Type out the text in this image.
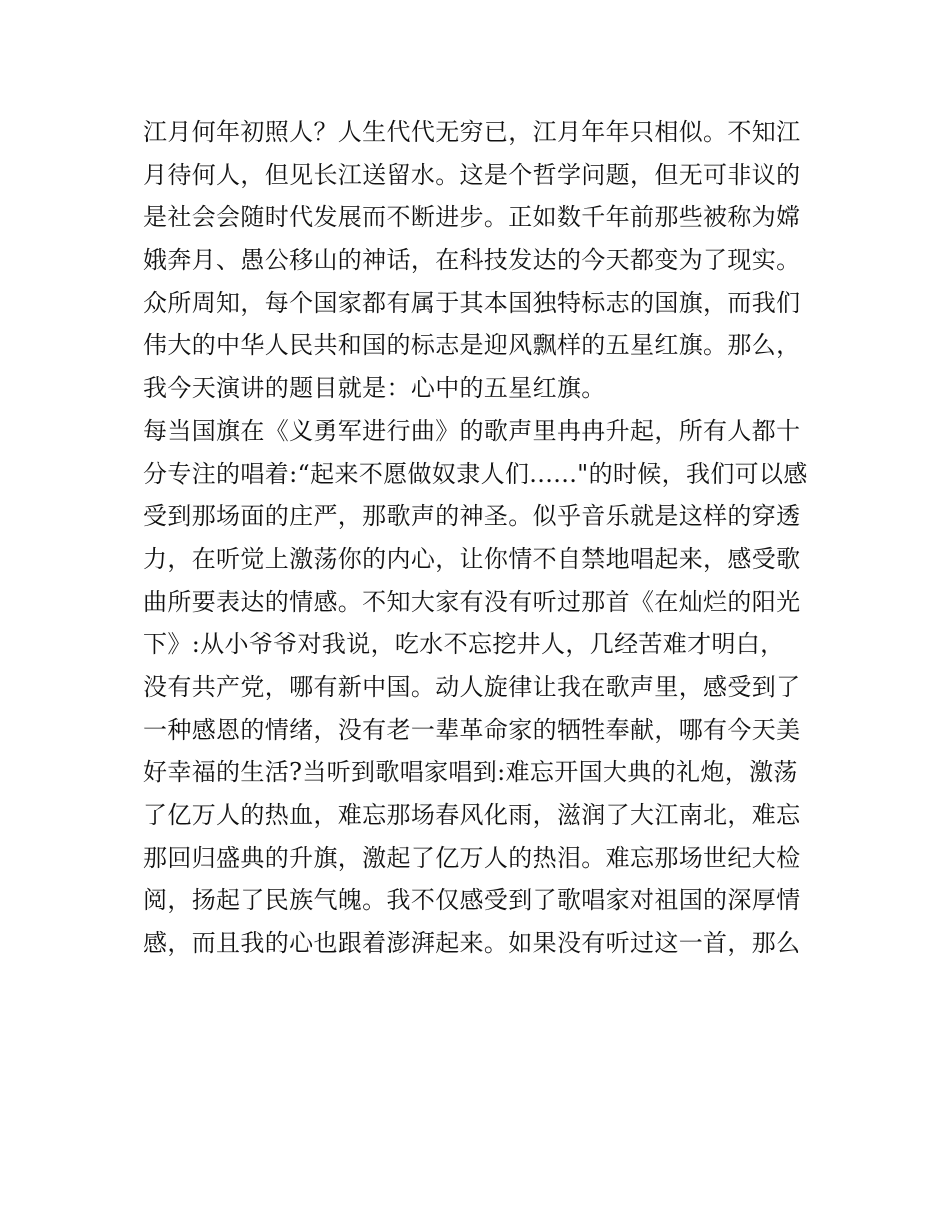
江月何年初照人？人生代代无穷已，江月年年只相似。不知江
月待何人，但见长江送留水。这是个哲学问题，但无可非议的
是社会会随时代发展而不断进步。正如数千年前那些被称为嫦
娥奔月、愚公移山的神话，在科技发达的今天都变为了现实。
众所周知，每个国家都有属于其本国独特标志的国旗，而我们
伟大的中华人民共和国的标志是迎风飘样的五星红旗。那么，
我今天演讲的题目就是：心中的五星红旗。
每当国旗在《义勇军进行曲》的歌声里冉冉升起，所有人都十
分专注的唱着:“起来不愿做奴隶人们......"的时候，我们可以感
受到那场面的庄严，那歌声的神圣。似乎音乐就是这样的穿透
力，在听觉上激荡你的内心，让你情不自禁地唱起来，感受歌
曲所要表达的情感。不知大家有没有听过那首《在灿烂的阳光
下》:从小爷爷对我说，吃水不忘挖井人，几经苦难才明白，
没有共产党，哪有新中国。动人旋律让我在歌声里，感受到了
一种感恩的情绪，没有老一辈革命家的牺牲奉献，哪有今天美
好幸福的生活?当听到歌唱家唱到:难忘开国大典的礼炮，激荡
了亿万人的热血，难忘那场春风化雨，滋润了大江南北，难忘
那回归盛典的升旗，激起了亿万人的热泪。难忘那场世纪大检
阅，扬起了民族气魄。我不仅感受到了歌唱家对祖国的深厚情
感，而且我的心也跟着澎湃起来。如果没有听过这一首，那么
